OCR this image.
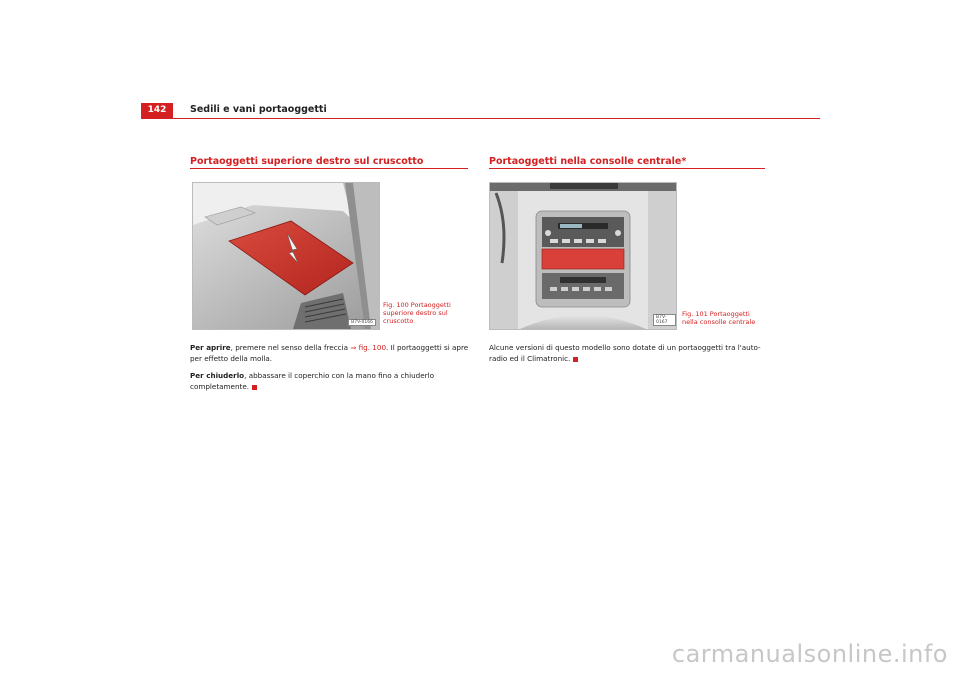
142	Sedili e vani portaoggetti
Portaoggetti superiore destro sul cruscotto
B7V-0166
Fig. 100 Portaoggetti
superiore destro sul
cruscotto
Per aprire, premere nel senso della freccia ⇒ fig. 100. Il portaoggetti si apre per effetto della molla.
Per chiuderlo, abbassare il coperchio con la mano fino a chiuderlo completamente.
Portaoggetti nella consolle centrale*
B7V-0167
Fig. 101 Portaoggetti
nella consolle centrale
Alcune versioni di questo modello sono dotate di un portaoggetti tra l'auto-radio ed il Climatronic.
carmanualsonline.info
